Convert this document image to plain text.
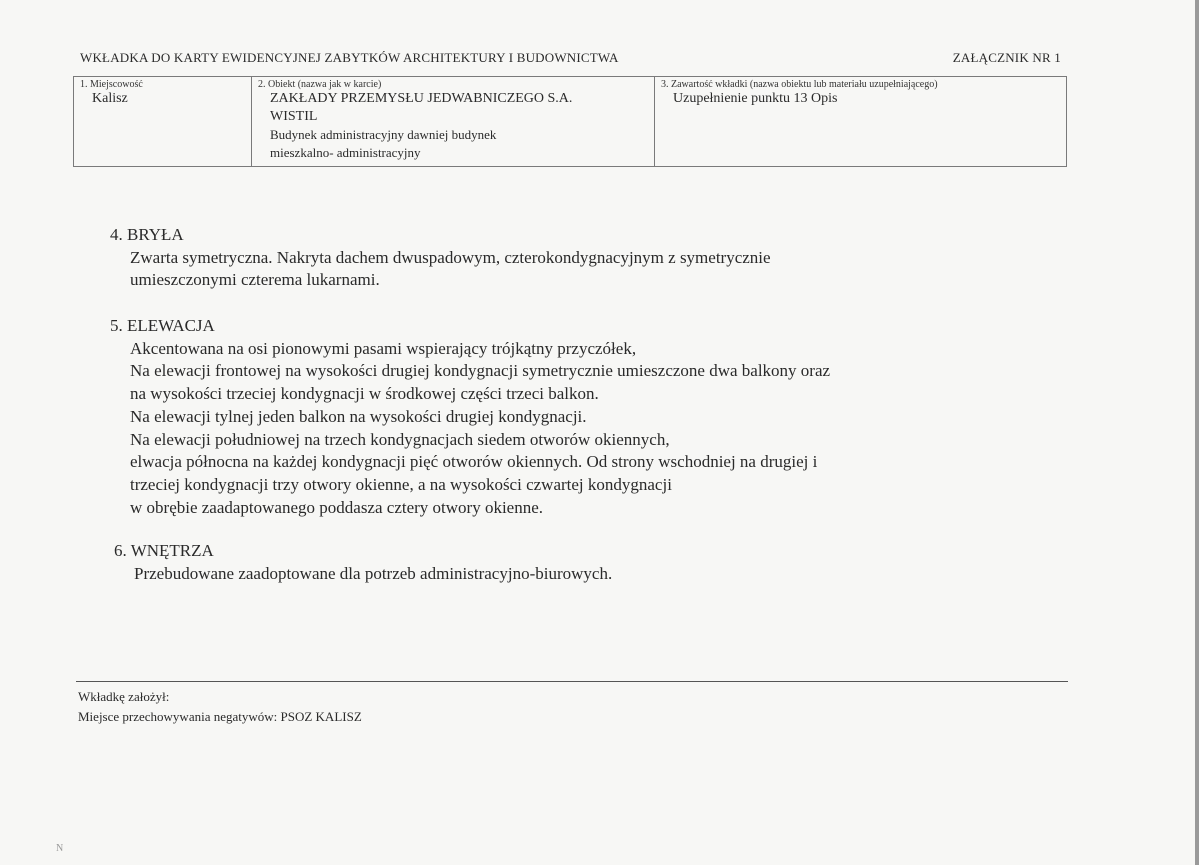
WKŁADKA DO KARTY EWIDENCYJNEJ ZABYTKÓW ARCHITEKTURY I BUDOWNICTWA	ZAŁĄCZNIK NR 1
1. Miejscowość
Kalisz

2. Obiekt (nazwa jak w karcie)
ZAKŁADY PRZEMYSŁU JEDWABNICZEGO S.A.
WISTIL
Budynek administracyjny dawniej budynek
mieszkalno- administracyjny

3. Zawartość wkładki (nazwa obiektu lub materiału uzupełniającego)
Uzupełnienie punktu 13 Opis
4. BRYŁA
Zwarta symetryczna. Nakryta dachem dwuspadowym, czterokondygnacyjnym z symetrycznie
umieszczonymi czterema lukarnami.
5. ELEWACJA
Akcentowana na osi pionowymi pasami wspierający trójkątny przyczółek,
Na elewacji frontowej na wysokości drugiej kondygnacji symetrycznie umieszczone dwa balkony oraz
na wysokości trzeciej kondygnacji w środkowej części trzeci balkon.
Na elewacji tylnej jeden balkon na wysokości drugiej kondygnacji.
Na elewacji południowej na trzech kondygnacjach siedem otworów okiennych,
elwacja północna na każdej kondygnacji pięć otworów okiennych. Od strony wschodniej na drugiej i
trzeciej kondygnacji trzy otwory okienne, a na wysokości czwartej kondygnacji
w obrębie zaadaptowanego poddasza cztery otwory okienne.
6. WNĘTRZA
Przebudowane zaadoptowane dla potrzeb administracyjno-biurowych.
Wkładkę założył:
Miejsce przechowywania negatywów: PSOZ KALISZ
N
